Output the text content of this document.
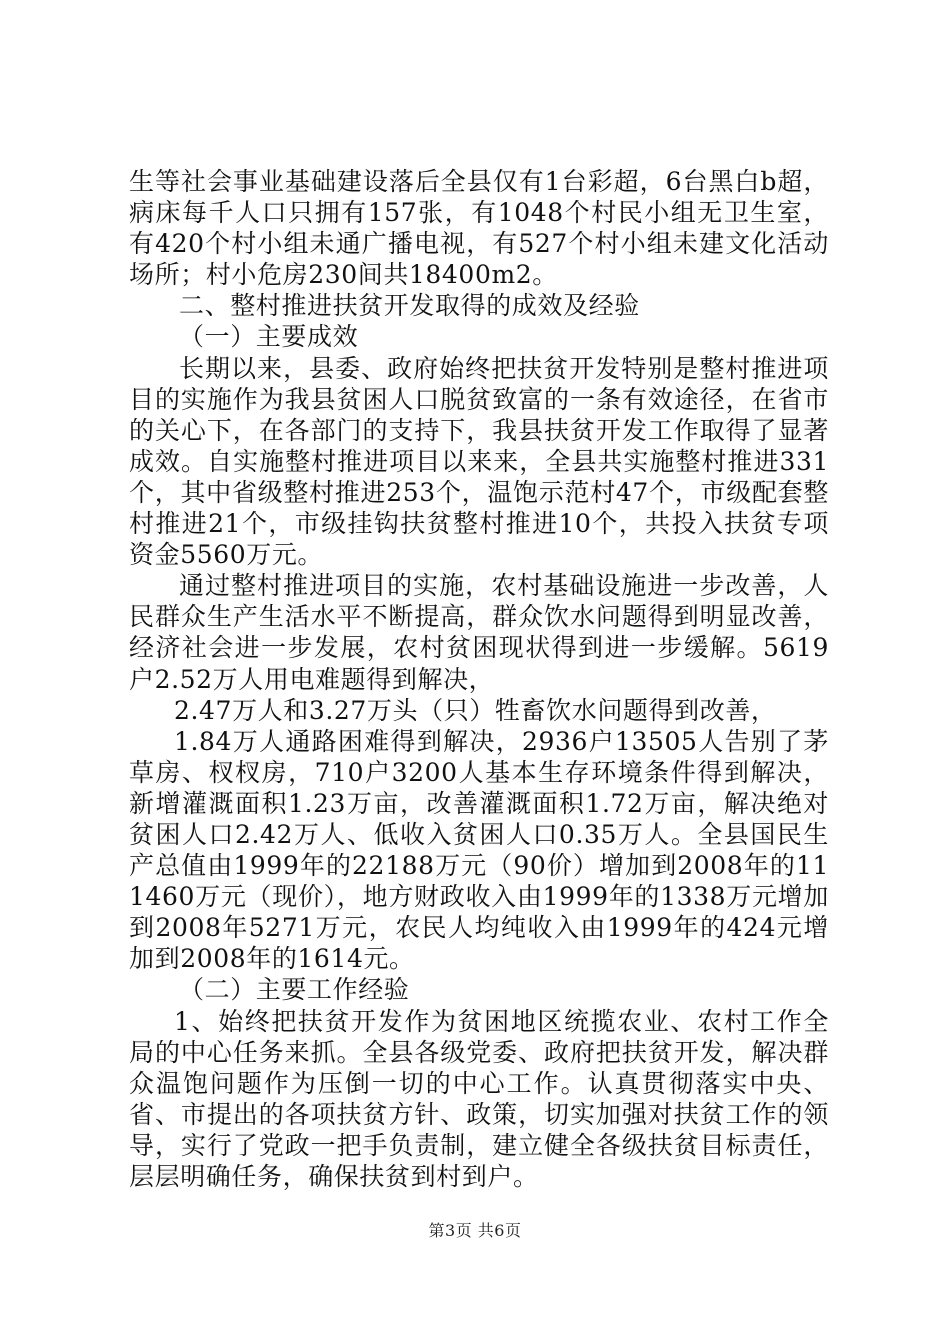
生等社会事业基础建设落后全县仅有1台彩超，6台黑白b超，病床每千人口只拥有157张，有1048个村民小组无卫生室，有420个村小组未通广播电视，有527个村小组未建文化活动场所；村小危房230间共18400m2。

二、整村推进扶贫开发取得的成效及经验

（一）主要成效

长期以来，县委、政府始终把扶贫开发特别是整村推进项目的实施作为我县贫困人口脱贫致富的一条有效途径，在省市的关心下，在各部门的支持下，我县扶贫开发工作取得了显著成效。自实施整村推进项目以来来，全县共实施整村推进331个，其中省级整村推进253个，温饱示范村47个，市级配套整村推进21个，市级挂钩扶贫整村推进10个，共投入扶贫专项资金5560万元。

通过整村推进项目的实施，农村基础设施进一步改善，人民群众生产生活水平不断提高，群众饮水问题得到明显改善，经济社会进一步发展，农村贫困现状得到进一步缓解。5619户2.52万人用电难题得到解决，

2.47万人和3.27万头（只）牲畜饮水问题得到改善，

1.84万人通路困难得到解决，2936户13505人告别了茅草房、杈杈房，710户3200人基本生存环境条件得到解决，新增灌溉面积1.23万亩，改善灌溉面积1.72万亩，解决绝对贫困人口2.42万人、低收入贫困人口0.35万人。全县国民生产总值由1999年的22188万元（90价）增加到2008年的111460万元（现价），地方财政收入由1999年的1338万元增加到2008年5271万元，农民人均纯收入由1999年的424元增加到2008年的1614元。

（二）主要工作经验

1、始终把扶贫开发作为贫困地区统揽农业、农村工作全局的中心任务来抓。全县各级党委、政府把扶贫开发，解决群众温饱问题作为压倒一切的中心工作。认真贯彻落实中央、省、市提出的各项扶贫方针、政策，切实加强对扶贫工作的领导，实行了党政一把手负责制，建立健全各级扶贫目标责任，层层明确任务，确保扶贫到村到户。

第3页 共6页
